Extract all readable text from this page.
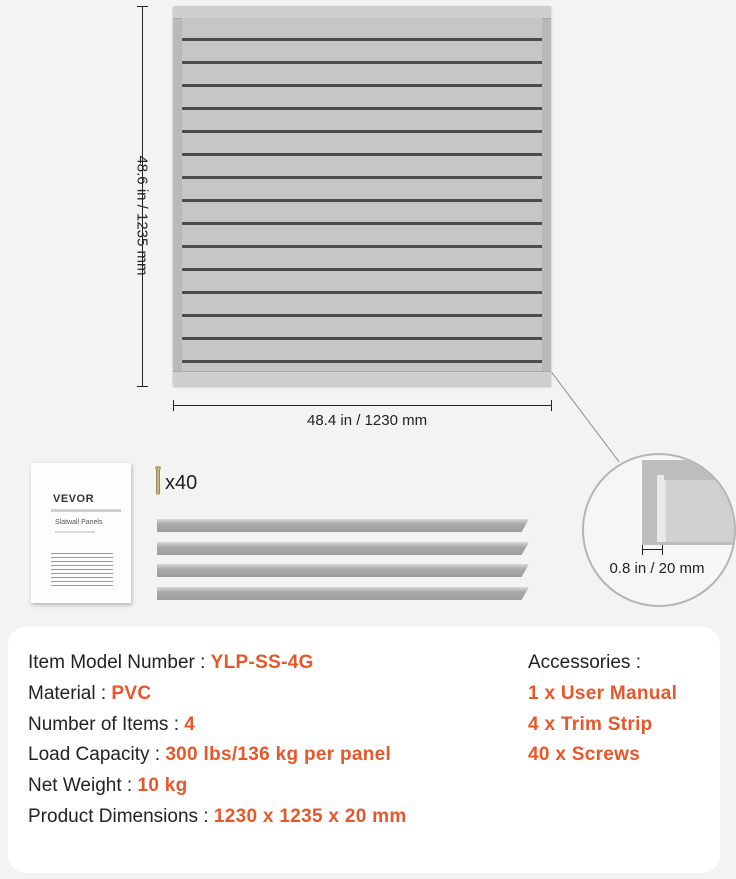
48.6 in / 1235 mm
48.4 in / 1230 mm
0.8 in / 20 mm
VEVOR
Slatwall Panels
x40
Item Model Number : YLP-SS-4G
Material : PVC
Number of Items : 4
Load Capacity : 300 lbs/136 kg per panel
Net Weight : 10 kg
Product Dimensions : 1230 x 1235 x 20 mm
Accessories :
1 x User Manual
4 x Trim Strip
40 x Screws
